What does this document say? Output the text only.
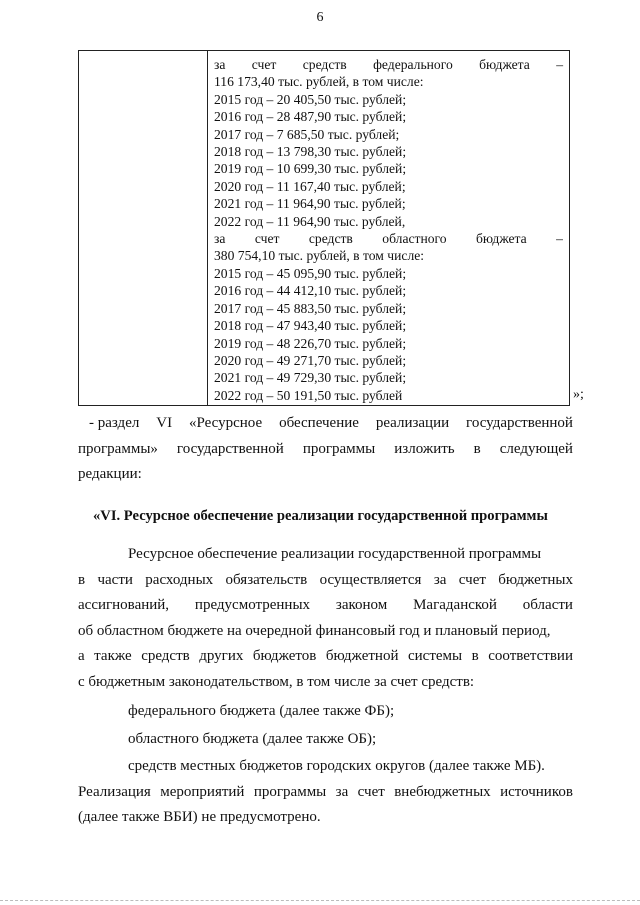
6

за счет средств федерального бюджета –
116 173,40 тыс. рублей, в том числе:
2015 год – 20 405,50 тыс. рублей;
2016 год – 28 487,90 тыс. рублей;
2017 год – 7 685,50 тыс. рублей;
2018 год – 13 798,30 тыс. рублей;
2019 год – 10 699,30 тыс. рублей;
2020 год – 11 167,40 тыс. рублей;
2021 год – 11 964,90 тыс. рублей;
2022 год – 11 964,90 тыс. рублей,
за счет средств областного бюджета –
380 754,10 тыс. рублей, в том числе:
2015 год – 45 095,90 тыс. рублей;
2016 год – 44 412,10 тыс. рублей;
2017 год – 45 883,50 тыс. рублей;
2018 год – 47 943,40 тыс. рублей;
2019 год – 48 226,70 тыс. рублей;
2020 год – 49 271,70 тыс. рублей;
2021 год – 49 729,30 тыс. рублей;
2022 год – 50 191,50 тыс. рублей	»;
- раздел VI «Ресурсное обеспечение реализации государственной
программы» государственной программы изложить в следующей
редакции:
«VI. Ресурсное обеспечение реализации государственной программы
Ресурсное обеспечение реализации государственной программы
в части расходных обязательств осуществляется за счет бюджетных
ассигнований, предусмотренных законом Магаданской области
об областном бюджете на очередной финансовый год и плановый период,
а также средств других бюджетов бюджетной системы в соответствии
с бюджетным законодательством, в том числе за счет средств:
федерального бюджета (далее также ФБ);
областного бюджета (далее также ОБ);
средств местных бюджетов городских округов (далее также МБ).
Реализация мероприятий программы за счет внебюджетных источников
(далее также ВБИ) не предусмотрено.
